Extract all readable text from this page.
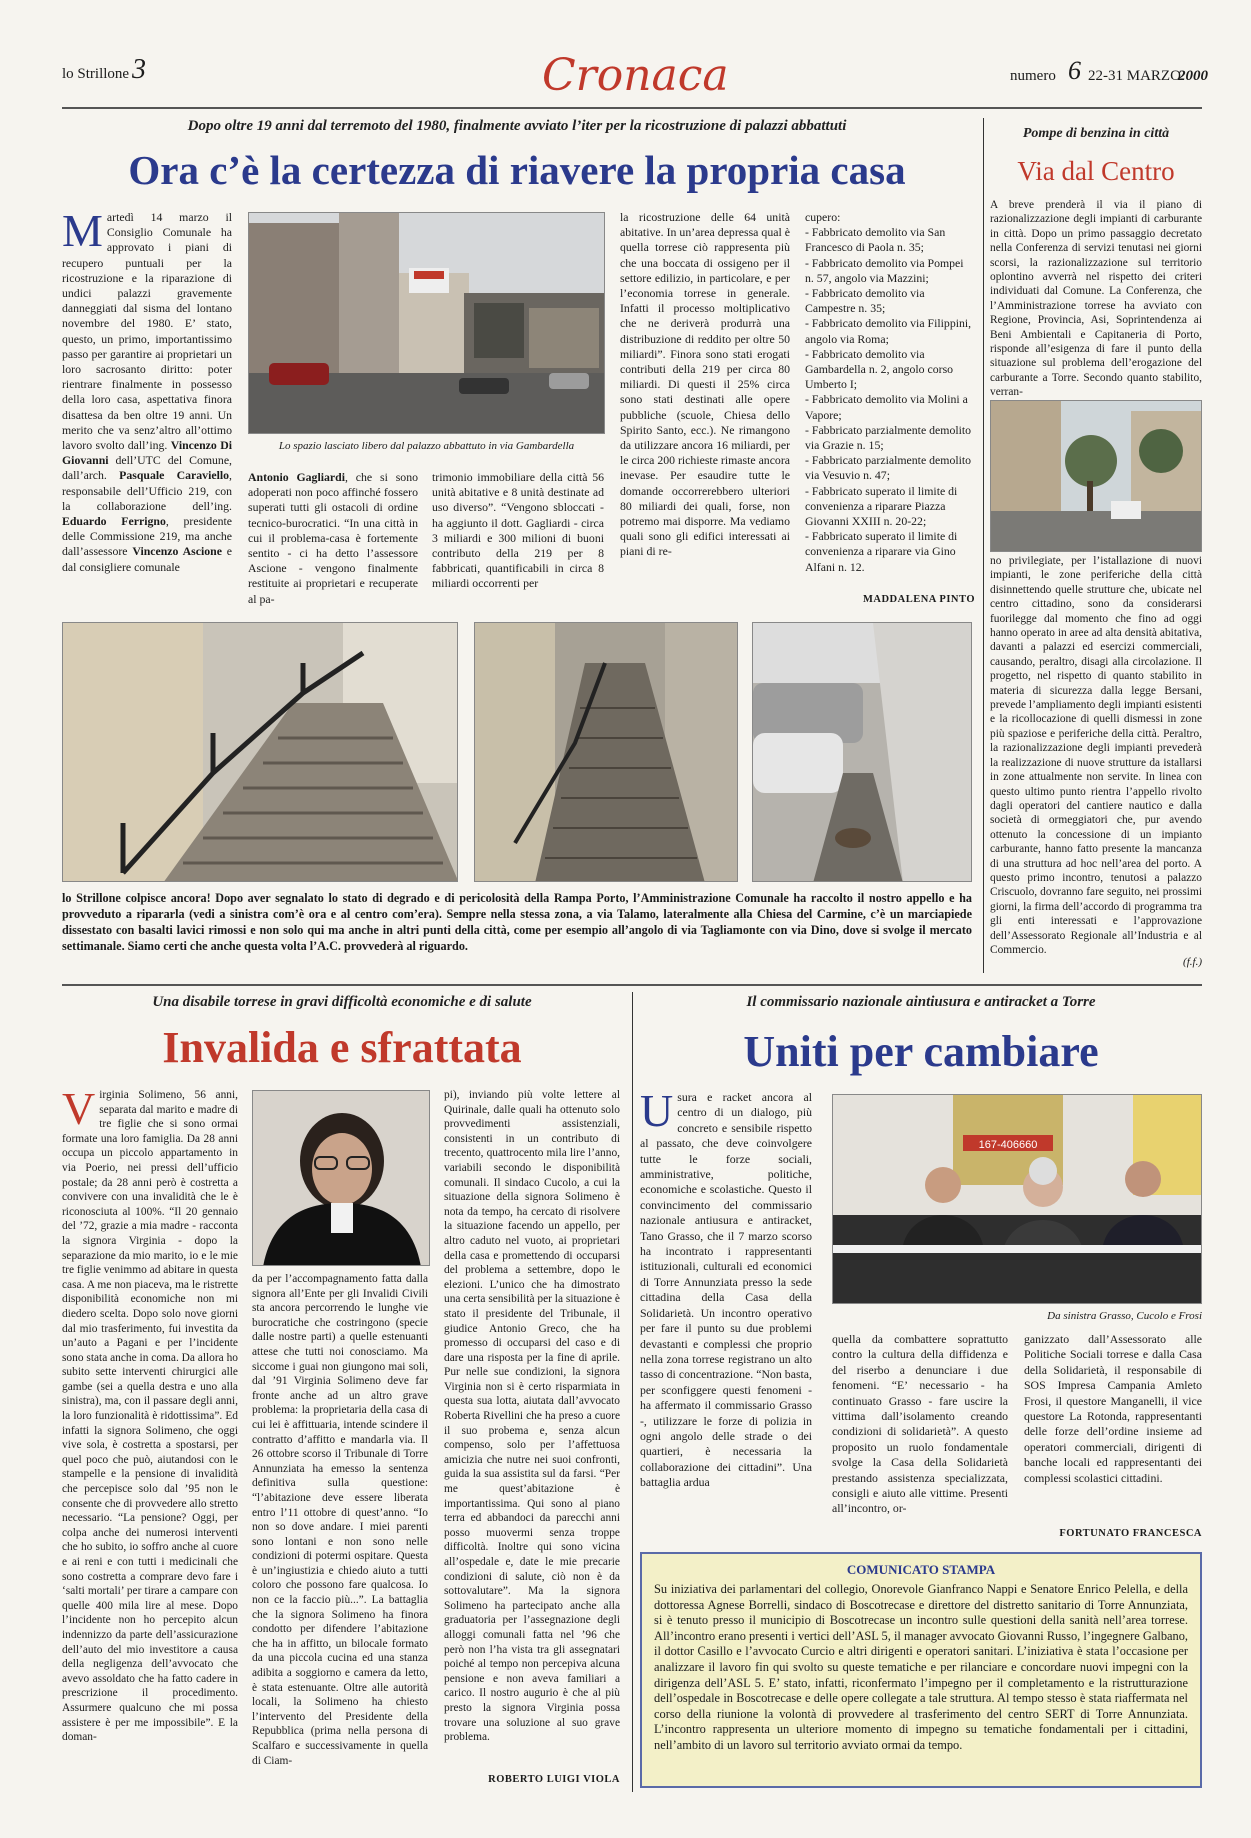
lo Strillone 3	Cronaca	numero 6 22-31 MARZO
2000
Dopo oltre 19 anni dal terremoto del 1980, finalmente avviato l’iter per la ricostruzione di palazzi abbattuti
Ora c’è la certezza di riavere la propria casa
M artedì 14 marzo il Consiglio Comunale ha approvato i piani di recupero puntuali per la ricostruzione e la riparazione di undici palazzi gravemente danneggiati dal sisma del lontano novembre del 1980. E’ stato, questo, un primo, importantissimo passo per garantire ai proprietari un loro sacrosanto diritto: poter rientrare finalmente in possesso della loro casa, aspettativa finora disattesa da ben oltre 19 anni. Un merito che va senz’altro all’ottimo lavoro svolto dall’ing. Vincenzo Di Giovanni dell’UTC del Comune, dall’arch. Pasquale Caraviello, responsabile dell’Ufficio 219, con la collaborazione dell’ing. Eduardo Ferrigno, presidente delle Commissione 219, ma anche dall’assessore Vincenzo Ascione e dal consigliere comunale
Lo spazio lasciato libero dal palazzo abbattuto in via Gambardella
Antonio Gagliardi, che si sono adoperati non poco affinché fossero superati tutti gli ostacoli di ordine tecnico-burocratici. “In una città in cui il problema-casa è fortemente sentito - ci ha detto l’assessore Ascione - vengono finalmente restituite ai proprietari e recuperate al pa-
trimonio immobiliare della città 56 unità abitative e 8 unità destinate ad uso diverso”. “Vengono sbloccati - ha aggiunto il dott. Gagliardi - circa 3 miliardi e 300 milioni di buoni contributo della 219 per 8 fabbricati, quantificabili in circa 8 miliardi occorrenti per
la ricostruzione delle 64 unità abitative. In un’area depressa qual è quella torrese ciò rappresenta più che una boccata di ossigeno per il settore edilizio, in particolare, e per l’economia torrese in generale. Infatti il processo moltiplicativo che ne deriverà produrrà una distribuzione di reddito per oltre 50 miliardi”. Finora sono stati erogati contributi della 219 per circa 80 miliardi. Di questi il 25% circa sono stati destinati alle opere pubbliche (scuole, Chiesa dello Spirito Santo, ecc.). Ne rimangono da utilizzare ancora 16 miliardi, per le circa 200 richieste rimaste ancora inevase. Per esaudire tutte le domande occorrerebbero ulteriori 80 miliardi dei quali, forse, non potremo mai disporre. Ma vediamo quali sono gli edifici interessati ai piani di re-
cupero:
- Fabbricato demolito via San Francesco di Paola n. 35;
- Fabbricato demolito via Pompei n. 57, angolo via Mazzini;
- Fabbricato demolito via Campestre n. 35;
- Fabbricato demolito via Filippini, angolo via Roma;
- Fabbricato demolito via Gambardella n. 2, angolo corso Umberto I;
- Fabbricato demolito via Molini a Vapore;
- Fabbricato parzialmente demolito via Grazie n. 15;
- Fabbricato parzialmente demolito via Vesuvio n. 47;
- Fabbricato superato il limite di convenienza a riparare Piazza Giovanni XXIII n. 20-22;
- Fabbricato superato il limite di convenienza a riparare via Gino Alfani n. 12.
MADDALENA PINTO
lo Strillone colpisce ancora! Dopo aver segnalato lo stato di degrado e di pericolosità della Rampa Porto, l’Amministrazione Comunale ha raccolto il nostro appello e ha provveduto a ripararla (vedi a sinistra com’è ora e al centro com’era). Sempre nella stessa zona, a via Talamo, lateralmente alla Chiesa del Carmine, c’è un marciapiede dissestato con basalti lavici rimossi e non solo qui ma anche in altri punti della città, come per esempio all’angolo di via Tagliamonte con via Dino, dove si svolge il mercato settimanale. Siamo certi che anche questa volta l’A.C. provvederà al riguardo.
Pompe di benzina in città
Via dal Centro
A breve prenderà il via il piano di razionalizzazione degli impianti di carburante in città. Dopo un primo passaggio decretato nella Conferenza di servizi tenutasi nei giorni scorsi, la razionalizzazione sul territorio oplontino avverrà nel rispetto dei criteri individuati dal Comune. La Conferenza, che l’Amministrazione torrese ha avviato con Regione, Provincia, Asi, Soprintendenza ai Beni Ambientali e Capitaneria di Porto, risponde all’esigenza di fare il punto della situazione sul problema dell’erogazione del carburante a Torre. Secondo quanto stabilito, verran-
no privilegiate, per l’istallazione di nuovi impianti, le zone periferiche della città disinnettendo quelle strutture che, ubicate nel centro cittadino, sono da considerarsi fuorilegge dal momento che fino ad oggi hanno operato in aree ad alta densità abitativa, davanti a palazzi ed esercizi commerciali, causando, peraltro, disagi alla circolazione. Il progetto, nel rispetto di quanto stabilito in materia di sicurezza dalla legge Bersani, prevede l’ampliamento degli impianti esistenti e la ricollocazione di quelli dismessi in zone più spaziose e periferiche della città. Peraltro, la razionalizzazione degli impianti prevederà la realizzazione di nuove strutture da istallarsi in zone attualmente non servite. In linea con questo ultimo punto rientra l’appello rivolto dagli operatori del cantiere nautico e dalla società di ormeggiatori che, pur avendo ottenuto la concessione di un impianto carburante, hanno fatto presente la mancanza di una struttura ad hoc nell’area del porto. A questo primo incontro, tenutosi a palazzo Criscuolo, dovranno fare seguito, nei prossimi giorni, la firma dell’accordo di programma tra gli enti interessati e l’approvazione dell’Assessorato Regionale all’Industria e al Commercio.
(f.f.)
Una disabile torrese in gravi difficoltà economiche e di salute
Invalida e sfrattata
V irginia Solimeno, 56 anni, separata dal marito e madre di tre figlie che si sono ormai formate una loro famiglia. Da 28 anni occupa un piccolo appartamento in via Poerio, nei pressi dell’ufficio postale; da 28 anni però è costretta a convivere con una invalidità che le è riconosciuta al 100%. “Il 20 gennaio del ’72, grazie a mia madre - racconta la signora Virginia - dopo la separazione da mio marito, io e le mie tre figlie venimmo ad abitare in questa casa. A me non piaceva, ma le ristrette disponibilità economiche non mi diedero scelta. Dopo solo nove giorni dal mio trasferimento, fui investita da un’auto a Pagani e per l’incidente sono stata anche in coma. Da allora ho subito sette interventi chirurgici alle gambe (sei a quella destra e uno alla sinistra), ma, con il passare degli anni, la loro funzionalità è ridottissima”. Ed infatti la signora Solimeno, che oggi vive sola, è costretta a spostarsi, per quel poco che può, aiutandosi con le stampelle e la pensione di invalidità che percepisce solo dal ’95 non le consente che di provvedere allo stretto necessario. “La pensione? Oggi, per colpa anche dei numerosi interventi che ho subito, io soffro anche al cuore e ai reni e con tutti i medicinali che sono costretta a comprare devo fare i ‘salti mortali’ per tirare a campare con quelle 400 mila lire al mese. Dopo l’incidente non ho percepito alcun indennizzo da parte dell’assicurazione dell’auto del mio investitore a causa della negligenza dell’avvocato che avevo assoldato che ha fatto cadere in prescrizione il procedimento. Assurmere qualcuno che mi possa assistere è per me impossibile”. E la doman-
da per l’accompagnamento fatta dalla signora all’Ente per gli Invalidi Civili sta ancora percorrendo le lunghe vie burocratiche che costringono (specie dalle nostre parti) a quelle estenuanti attese che tutti noi conosciamo. Ma siccome i guai non giungono mai soli, dal ’91 Virginia Solimeno deve far fronte anche ad un altro grave problema: la proprietaria della casa di cui lei è affittuaria, intende scindere il contratto d’affitto e mandarla via. Il 26 ottobre scorso il Tribunale di Torre Annunziata ha emesso la sentenza definitiva sulla questione: “l’abitazione deve essere liberata entro l’11 ottobre di quest’anno. “Io non so dove andare. I miei parenti sono lontani e non sono nelle condizioni di potermi ospitare. Questa è un’ingiustizia e chiedo aiuto a tutti coloro che possono fare qualcosa. Io non ce la faccio più...”. La battaglia che la signora Solimeno ha finora condotto per difendere l’abitazione che ha in affitto, un bilocale formato da una piccola cucina ed una stanza adibita a soggiorno e camera da letto, è stata estenuante. Oltre alle autorità locali, la Solimeno ha chiesto l’intervento del Presidente della Repubblica (prima nella persona di Scalfaro e successivamente in quella di Ciam-
pi), inviando più volte lettere al Quirinale, dalle quali ha ottenuto solo provvedimenti assistenziali, consistenti in un contributo di trecento, quattrocento mila lire l’anno, variabili secondo le disponibilità comunali. Il sindaco Cucolo, a cui la situazione della signora Solimeno è nota da tempo, ha cercato di risolvere la situazione facendo un appello, per altro caduto nel vuoto, ai proprietari della casa e promettendo di occuparsi del problema a settembre, dopo le elezioni. L’unico che ha dimostrato una certa sensibilità per la situazione è stato il presidente del Tribunale, il giudice Antonio Greco, che ha promesso di occuparsi del caso e di dare una risposta per la fine di aprile. Pur nelle sue condizioni, la signora Virginia non si è certo risparmiata in questa sua lotta, aiutata dall’avvocato Roberta Rivellini che ha preso a cuore il suo probema e, senza alcun compenso, solo per l’affettuosa amicizia che nutre nei suoi confronti, guida la sua assistita sul da farsi. “Per me quest’abitazione è importantissima. Qui sono al piano terra ed abbandoci da parecchi anni posso muovermi senza troppe difficoltà. Inoltre qui sono vicina all’ospedale e, date le mie precarie condizioni di salute, ciò non è da sottovalutare”. Ma la signora Solimeno ha partecipato anche alla graduatoria per l’assegnazione degli alloggi comunali fatta nel ’96 che però non l’ha vista tra gli assegnatari poiché al tempo non percepiva alcuna pensione e non aveva familiari a carico. Il nostro augurio è che al più presto la signora Virginia possa trovare una soluzione al suo grave problema.
ROBERTO LUIGI VIOLA
Il commissario nazionale aintiusura e antiracket a Torre
Uniti per cambiare
U sura e racket ancora al centro di un dialogo, più concreto e sensibile rispetto al passato, che deve coinvolgere tutte le forze sociali, amministrative, politiche, economiche e scolastiche. Questo il convincimento del commissario nazionale antiusura e antiracket, Tano Grasso, che il 7 marzo scorso ha incontrato i rappresentanti istituzionali, culturali ed economici di Torre Annunziata presso la sede cittadina della Casa della Solidarietà. Un incontro operativo per fare il punto su due problemi devastanti e complessi che proprio nella zona torrese registrano un alto tasso di concentrazione. “Non basta, per sconfiggere questi fenomeni - ha affermato il commissario Grasso -, utilizzare le forze di polizia in ogni angolo delle strade o dei quartieri, è necessaria la collaborazione dei cittadini”. Una battaglia ardua
167-406660
Da sinistra Grasso, Cucolo e Frosi
quella da combattere soprattutto contro la cultura della diffidenza e del riserbo a denunciare i due fenomeni. “E’ necessario - ha continuato Grasso - fare uscire la vittima dall’isolamento creando condizioni di solidarietà”. A questo proposito un ruolo fondamentale svolge la Casa della Solidarietà prestando assistenza specializzata, consigli e aiuto alle vittime. Presenti all’incontro, or-
ganizzato dall’Assessorato alle Politiche Sociali torrese e dalla Casa della Solidarietà, il responsabile di SOS Impresa Campania Amleto Frosi, il questore Manganelli, il vice questore La Rotonda, rappresentanti delle forze dell’ordine insieme ad operatori commerciali, dirigenti di banche locali ed rappresentanti dei complessi scolastici cittadini.
FORTUNATO FRANCESCA
COMUNICATO STAMPA
Su iniziativa dei parlamentari del collegio, Onorevole Gianfranco Nappi e Senatore Enrico Pelella, e della dottoressa Agnese Borrelli, sindaco di Boscotrecase e direttore del distretto sanitario di Torre Annunziata, si è tenuto presso il municipio di Boscotrecase un incontro sulle questioni della sanità nell’area torrese. All’incontro erano presenti i vertici dell’ASL 5, il manager avvocato Giovanni Russo, l’ingegnere Galbano, il dottor Casillo e l’avvocato Curcio e altri dirigenti e operatori sanitari. L’iniziativa è stata l’occasione per analizzare il lavoro fin qui svolto su queste tematiche e per rilanciare e concordare nuovi impegni con la dirigenza dell’ASL 5. E’ stato, infatti, riconfermato l’impegno per il completamento e la ristrutturazione dell’ospedale in Boscotrecase e delle opere collegate a tale struttura. Al tempo stesso è stata riaffermata nel corso della riunione la volontà di provvedere al trasferimento del centro SERT di Torre Annunziata. L’incontro rappresenta un ulteriore momento di impegno su tematiche fondamentali per i cittadini, nell’ambito di un lavoro sul territorio avviato ormai da tempo.
